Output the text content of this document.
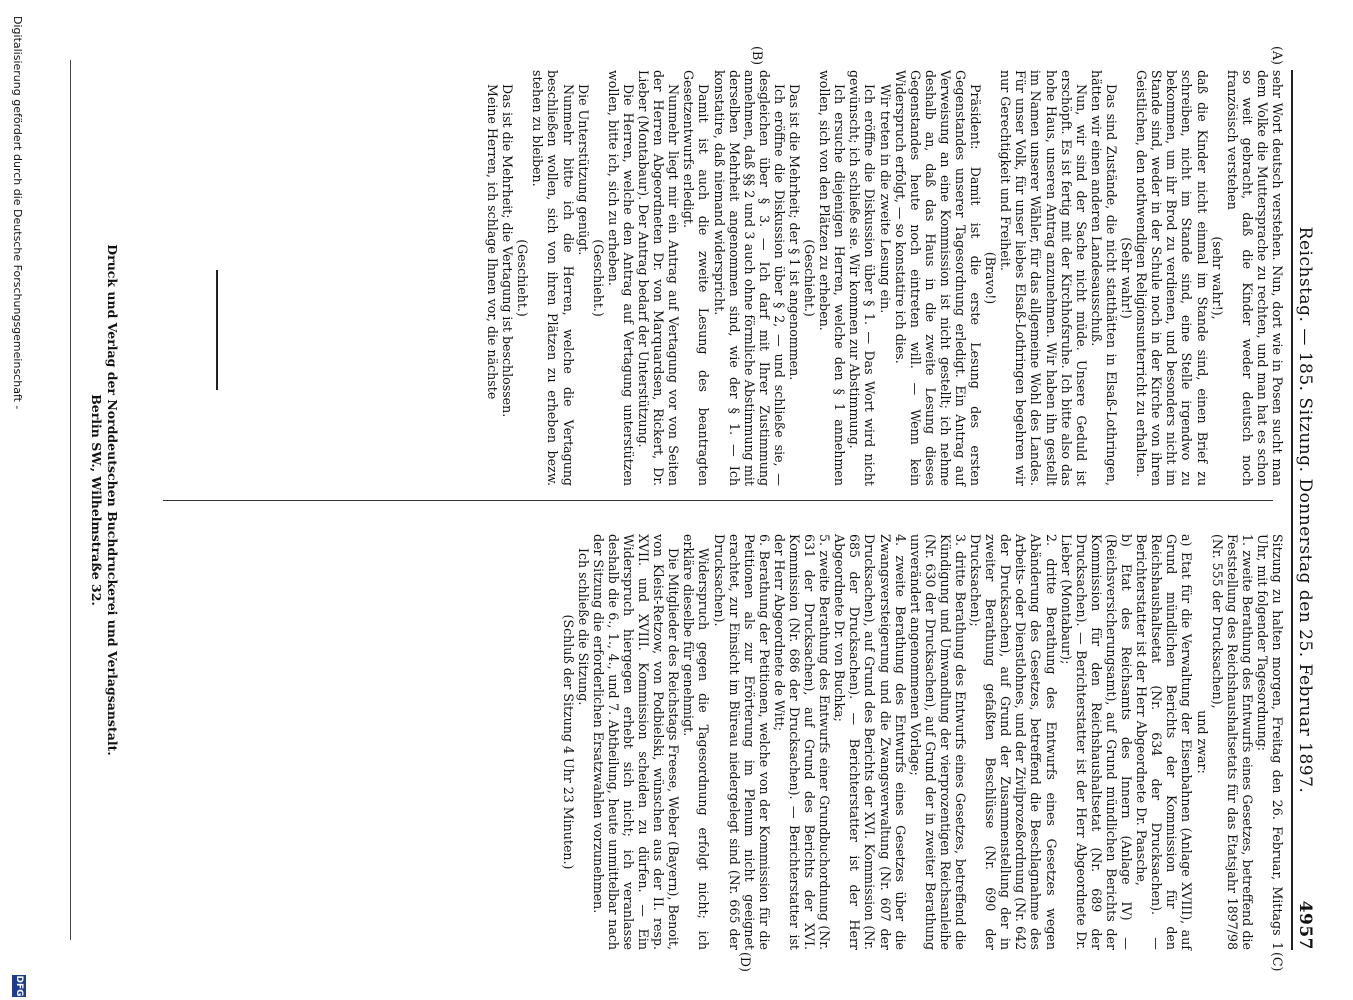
Reichstag. — 185. Sitzung. Donnerstag den 25. Februar 1897.
4957
(A)
(B)
(C)
(D)

sehr Wort deutsch verstehen. Nun, dort wie in Posen sucht man dem Volke die Muttersprache zu rechten, und man hat es schon so weit gebracht, daß die Kinder weder deutsch noch französisch verstehen

(sehr wahr!),

daß die Kinder nicht einmal im Stande sind, einen Brief zu schreiben, nicht im Stande sind, eine Stelle irgendwo zu bekommen, um ihr Brod zu verdienen, und besonders nicht im Stande sind, weder in der Schule noch in der Kirche von ihren Geistlichen, den nothwendigen Religionsunterricht zu erhalten.

(Sehr wahr!)

Das sind Zustände, die nicht statthätten in Elsaß-Lothringen, hätten wir einen anderen Landesausschuß.

Nun, wir sind der Sache nicht müde. Unsere Geduld ist erschöpft. Es ist fertig mit der Kirchhofsruhe. Ich bitte also das hohe Haus, unseren Antrag anzunehmen. Wir haben ihn gestellt im Namen unserer Wähler, für das allgemeine Wohl des Landes. Für unser Volk, für unser liebes Elsaß-Lothringen begehren wir nur Gerechtigkeit und Freiheit.

(Bravo!)

Präsident: Damit ist die erste Lesung des ersten Gegenstandes unserer Tagesordnung erledigt. Ein Antrag auf Verweisung an eine Kommission ist nicht gestellt; ich nehme deshalb an, daß das Haus in die zweite Lesung dieses Gegenstandes heute noch eintreten will. — Wenn kein Widerspruch erfolgt, — so konstatire ich dies.

Wir treten in die zweite Lesung ein.

Ich eröffne die Diskussion über § 1. — Das Wort wird nicht gewünscht; ich schließe sie. Wir kommen zur Abstimmung.

Ich ersuche diejenigen Herren, welche den § 1 annehmen wollen, sich von den Plätzen zu erheben.

(Geschieht.)

Das ist die Mehrheit; der § 1 ist angenommen.

Ich eröffne die Diskussion über § 2, — und schließe sie, — desgleichen über § 3. — Ich darf mit Ihrer Zustimmung annehmen, daß §§ 2 und 3 auch ohne förmliche Abstimmung mit derselben Mehrheit angenommen sind, wie der § 1. — Ich konstatire, daß niemand widerspricht.

Damit ist auch die zweite Lesung des beantragten Gesetzentwurfs erledigt.

Nunmehr liegt mir ein Antrag auf Vertagung vor von Seiten der Herren Abgeordneten Dr. von Marquardsen, Rickert, Dr. Lieber (Montabaur). Der Antrag bedarf der Unterstützung.

Die Herren, welche den Antrag auf Vertagung unterstützen wollen, bitte ich, sich zu erheben.

(Geschieht.)

Die Unterstützung genügt.

Nunmehr bitte ich die Herren, welche die Vertagung beschließen wollen, sich von ihren Plätzen zu erheben bezw. stehen zu bleiben.

(Geschieht.)

Das ist die Mehrheit; die Vertagung ist beschlossen.

Meine Herren, ich schlage Ihnen vor, die nächste

Sitzung zu halten morgen, Freitag den 26. Februar, Mittags 1 Uhr, mit folgender Tagesordnung:

1. zweite Berathung des Entwurfs eines Gesetzes, betreffend die Feststellung des Reichshaushaltsetats für das Etatsjahr 1897/98 (Nr. 555 der Drucksachen),

und zwar:

a) Etat für die Verwaltung der Eisenbahnen (Anlage XVIII), auf Grund mündlichen Berichts der Kommission für den Reichshaushaltsetat (Nr. 634 der Drucksachen). — Berichterstatter ist der Herr Abgeordnete Dr. Paasche,

b) Etat des Reichsamts des Innern (Anlage IV) — (Reichsversicherungsamt), auf Grund mündlichen Berichts der Kommission für den Reichshaushaltsetat (Nr. 689 der Drucksachen). — Berichterstatter ist der Herr Abgeordnete Dr. Lieber (Montabaur);

2. dritte Berathung des Entwurfs eines Gesetzes wegen Abänderung des Gesetzes, betreffend die Beschlagnahme des Arbeits- oder Dienstlohnes, und der Zivilprozeßordnung (Nr. 642 der Drucksachen), auf Grund der Zusammenstellung der in zweiter Berathung gefaßten Beschlüsse (Nr. 690 der Drucksachen);

3. dritte Berathung des Entwurfs eines Gesetzes, betreffend die Kündigung und Umwandlung der vierprozentigen Reichsanleihe (Nr. 630 der Drucksachen), auf Grund der in zweiter Berathung unverändert angenommenen Vorlage;

4. zweite Berathung des Entwurfs eines Gesetzes über die Zwangsversteigerung und die Zwangsverwaltung (Nr. 607 der Drucksachen), auf Grund des Berichts der XVI. Kommission (Nr. 685 der Drucksachen). — Berichterstatter ist der Herr Abgeordnete Dr. von Buchka;

5. zweite Berathung des Entwurfs einer Grundbuchordnung (Nr. 631 der Drucksachen), auf Grund des Berichts der XVI. Kommission (Nr. 686 der Drucksachen). — Berichterstatter ist der Herr Abgeordnete de Witt;

6. Berathung der Petitionen, welche von der Kommission für die Petitionen als zur Erörterung im Plenum nicht geeignet erachtet, zur Einsicht im Büreau niedergelegt sind (Nr. 665 der Drucksachen).

Widerspruch gegen die Tagesordnung erfolgt nicht; ich erkläre dieselbe für genehmigt.

Die Mitglieder des Reichstags Freese, Weber (Bayern), Benoit, von Kleist-Retzow, von Podbielski, wünschen aus der II. resp. XVII. und XVIII. Kommission scheiden zu dürfen. — Ein Widerspruch hiergegen erhebt sich nicht; ich veranlasse deshalb die 6., 1., 4., und 7. Abtheilung, heute unmittelbar nach der Sitzung die erforderlichen Ersatzwahlen vorzunehmen.

Ich schließe die Sitzung.

(Schluß der Sitzung 4 Uhr 23 Minuten.)

Druck und Verlag der Norddeutschen Buchdruckerei und Verlagsanstalt.
Berlin SW., Wilhelmstraße 32.
Digitalisierung gefördert durch die Deutsche Forschungsgemeinschaft -
DFG
